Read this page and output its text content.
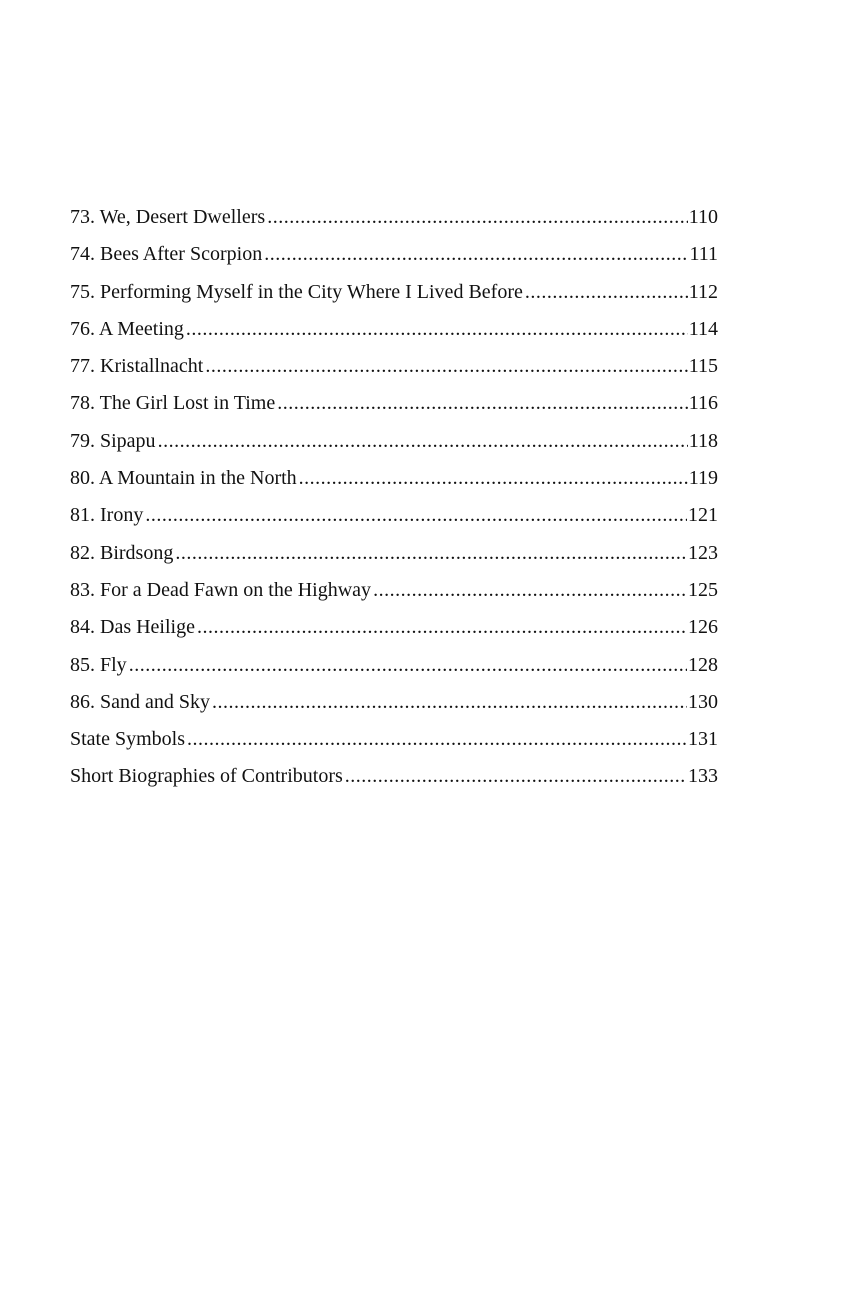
73. We, Desert Dwellers .....	110
74. Bees After Scorpion .....	111
75. Performing Myself in the City Where I Lived Before .....	112
76. A Meeting .....	114
77. Kristallnacht .....	115
78. The Girl Lost in Time .....	116
79. Sipapu .....	118
80. A Mountain in the North .....	119
81. Irony .....	121
82. Birdsong .....	123
83. For a Dead Fawn on the Highway .....	125
84. Das Heilige .....	126
85. Fly .....	128
86. Sand and Sky .....	130
State Symbols .....	131
Short Biographies of Contributors .....	133
